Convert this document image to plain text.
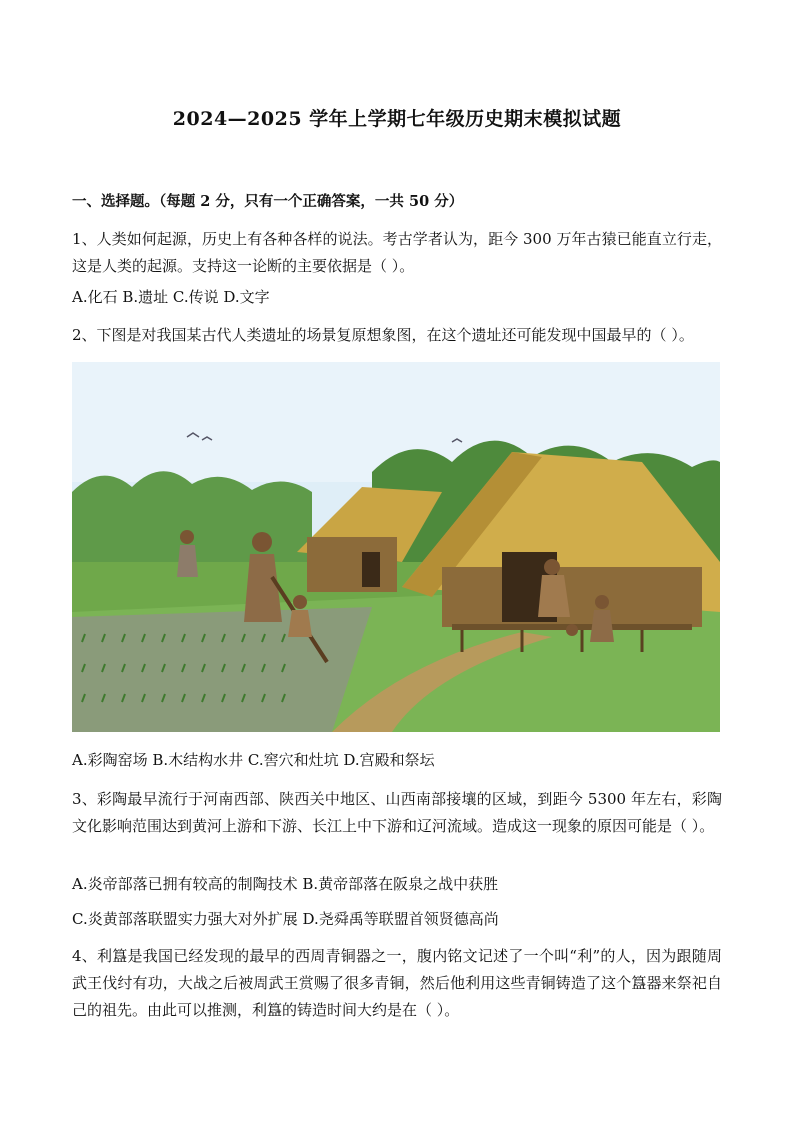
2024—2025 学年上学期七年级历史期末模拟试题
一、选择题。（每题 2 分，只有一个正确答案，一共 50 分）
1、人类如何起源，历史上有各种各样的说法。考古学者认为，距今 300 万年古猿已能直立行走，这是人类的起源。支持这一论断的主要依据是（ ）。
A.化石 B.遗址 C.传说 D.文字
2、下图是对我国某古代人类遗址的场景复原想象图，在这个遗址还可能发现中国最早的（ ）。
A.彩陶窑场 B.木结构水井 C.窖穴和灶坑 D.宫殿和祭坛
3、彩陶最早流行于河南西部、陕西关中地区、山西南部接壤的区域，到距今 5300 年左右，彩陶文化影响范围达到黄河上游和下游、长江上中下游和辽河流域。造成这一现象的原因可能是（ ）。
A.炎帝部落已拥有较高的制陶技术 B.黄帝部落在阪泉之战中获胜
C.炎黄部落联盟实力强大对外扩展 D.尧舜禹等联盟首领贤德高尚
4、利簋是我国已经发现的最早的西周青铜器之一，腹内铭文记述了一个叫“利”的人，因为跟随周武王伐纣有功，大战之后被周武王赏赐了很多青铜，然后他利用这些青铜铸造了这个簋器来祭祀自己的祖先。由此可以推测，利簋的铸造时间大约是在（ ）。
